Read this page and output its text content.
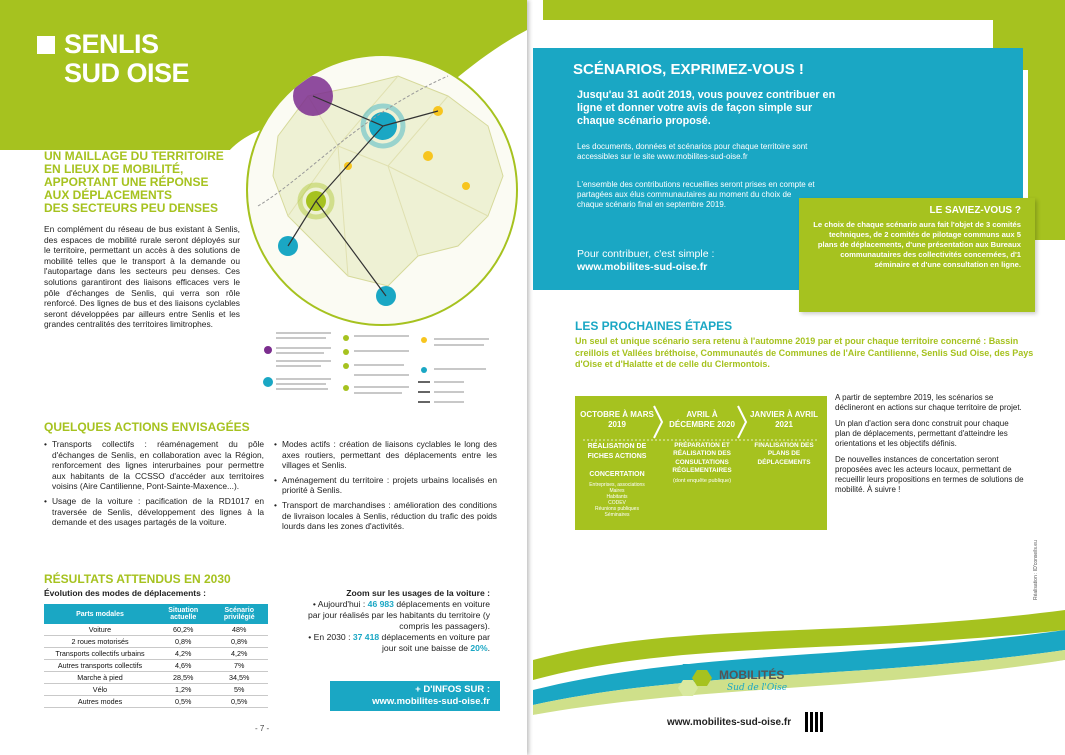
SENLIS
SUD OISE
UN MAILLAGE DU TERRITOIRE
EN LIEUX DE MOBILITÉ,
APPORTANT UNE RÉPONSE
AUX DÉPLACEMENTS
DES SECTEURS PEU DENSES
En complément du réseau de bus existant à Senlis, des espaces de mobilité rurale seront déployés sur le territoire, permettant un accès à des solutions de mobilité telles que le transport à la demande ou l'autopartage dans les secteurs peu denses. Ces solutions garantiront des liaisons efficaces vers le pôle d'échanges de Senlis, qui verra son rôle renforcé. Des lignes de bus et des liaisons cyclables seront développées par ailleurs entre Senlis et les grandes centralités des territoires limitrophes.
QUELQUES ACTIONS ENVISAGÉES
• Transports collectifs : réaménagement du pôle d'échanges de Senlis, en collaboration avec la Région, renforcement des lignes interurbaines pour permettre aux habitants de la CCSSO d'accéder aux territoires voisins (Aire Cantilienne, Pont-Sainte-Maxence...).
• Usage de la voiture : pacification de la RD1017 en traversée de Senlis, développement des lignes à la demande et des usages partagés de la voiture.
• Modes actifs : création de liaisons cyclables le long des axes routiers, permettant des déplacements entre les villages et Senlis.
• Aménagement du territoire : projets urbains localisés en priorité à Senlis.
• Transport de marchandises : amélioration des conditions de livraison locales à Senlis, réduction du trafic des poids lourds dans les zones d'activités.
RÉSULTATS ATTENDUS EN 2030
Évolution des modes de déplacements :
Parts modales	Situation actuelle	Scénario privilégié
Voiture	60,2%	48%
2 roues motorisés	0,8%	0,8%
Transports collectifs urbains	4,2%	4,2%
Autres transports collectifs	4,6%	7%
Marche à pied	28,5%	34,5%
Vélo	1,2%	5%
Autres modes	0,5%	0,5%
Zoom sur les usages de la voiture :
• Aujourd'hui : 46 983 déplacements en voiture par jour réalisés par les habitants du territoire (y compris les passagers).
• En 2030 : 37 418 déplacements en voiture par jour soit une baisse de 20%.
+ D'INFOS SUR :
www.mobilites-sud-oise.fr
- 7 -
SCÉNARIOS, EXPRIMEZ-VOUS !
Jusqu'au 31 août 2019, vous pouvez contribuer en ligne et donner votre avis de façon simple sur chaque scénario proposé.
Les documents, données et scénarios pour chaque territoire sont accessibles sur le site www.mobilites-sud-oise.fr
L'ensemble des contributions recueillies seront prises en compte et partagées aux élus communautaires au moment du choix de chaque scénario final en septembre 2019.
Pour contribuer, c'est simple :
www.mobilites-sud-oise.fr
LE SAVIEZ-VOUS ?
Le choix de chaque scénario aura fait l'objet de 3 comités techniques, de 2 comités de pilotage communs aux 5 plans de déplacements, d'une présentation aux Bureaux communautaires des collectivités concernées, d'1 séminaire et d'une consultation en ligne.
LES PROCHAINES ÉTAPES
Un seul et unique scénario sera retenu à l'automne 2019 par et pour chaque territoire concerné : Bassin creillois et Vallées bréthoise, Communautés de Communes de l'Aire Cantilienne, Senlis Sud Oise, des Pays d'Oise et d'Halatte et de celle du Clermontois.
OCTOBRE À MARS 2019
RÉALISATION DE FICHES ACTIONS
CONCERTATION
Entreprises, associations
Maires
Habitants
CODEV
Réunions publiques
Séminaires
AVRIL À DÉCEMBRE 2020
PRÉPARATION ET RÉALISATION DES CONSULTATIONS RÉGLEMENTAIRES
(dont enquête publique)
JANVIER À AVRIL 2021
FINALISATION DES PLANS DE DÉPLACEMENTS
A partir de septembre 2019, les scénarios se déclineront en actions sur chaque territoire de projet.
Un plan d'action sera donc construit pour chaque plan de déplacements, permettant d'atteindre les orientations et les objectifs définis.
De nouvelles instances de concertation seront proposées avec les acteurs locaux, permettant de recueillir leurs propositions en termes de solutions de mobilité. À suivre !
Réalisation : ID'conseils.eu
MOBILITÉS
Sud de l'Oise
www.mobilites-sud-oise.fr
